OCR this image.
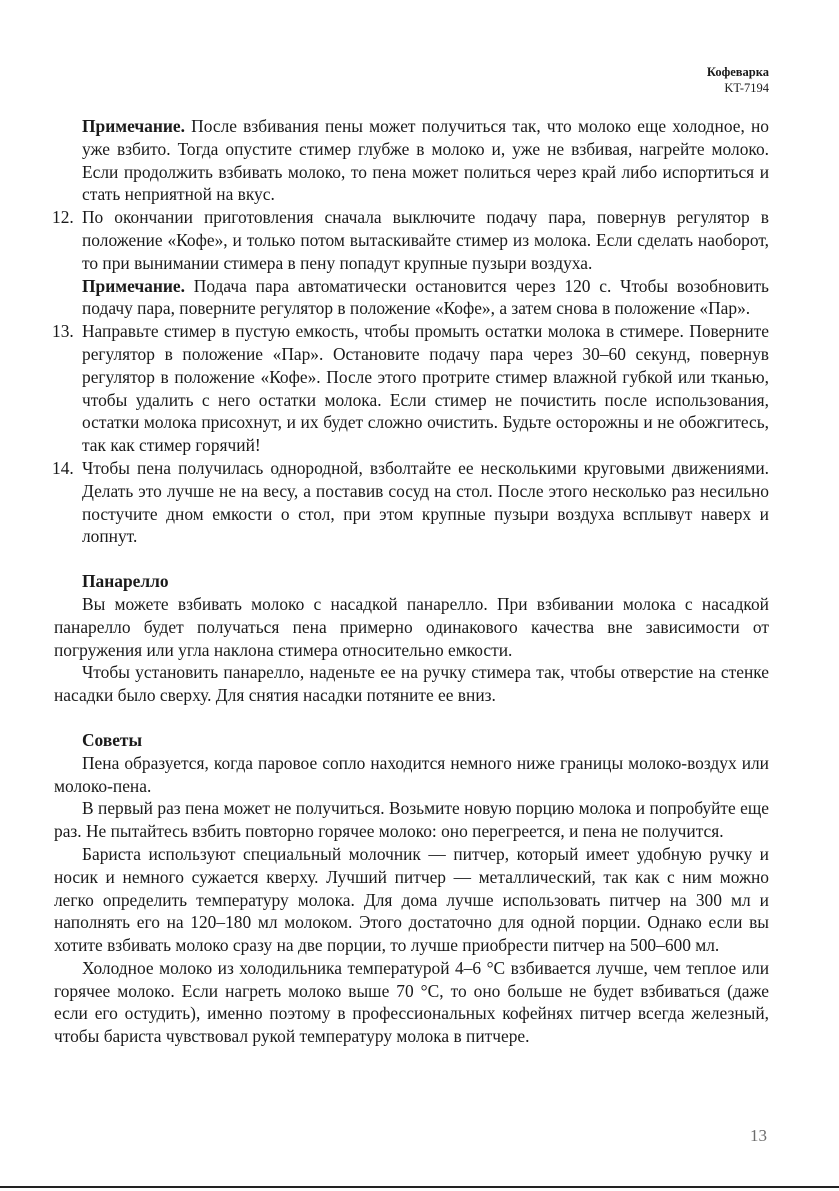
Кофеварка
KT-7194

Примечание. После взбивания пены может получиться так, что молоко еще холодное, но уже взбито. Тогда опустите стимер глубже в молоко и, уже не взбивая, нагрейте молоко. Если продолжить взбивать молоко, то пена может политься через край либо испортиться и стать неприятной на вкус.

12. По окончании приготовления сначала выключите подачу пара, повернув регулятор в положение «Кофе», и только потом вытаскивайте стимер из молока. Если сделать наоборот, то при вынимании стимера в пену попадут крупные пузыри воздуха.

Примечание. Подача пара автоматически остановится через 120 с. Чтобы возобновить подачу пара, поверните регулятор в положение «Кофе», а затем снова в положение «Пар».

13. Направьте стимер в пустую емкость, чтобы промыть остатки молока в стимере. Поверните регулятор в положение «Пар». Остановите подачу пара через 30–60 секунд, повернув регулятор в положение «Кофе». После этого протрите стимер влажной губкой или тканью, чтобы удалить с него остатки молока. Если стимер не почистить после использования, остатки молока присохнут, и их будет сложно очистить. Будьте осторожны и не обожгитесь, так как стимер горячий!

14. Чтобы пена получилась однородной, взболтайте ее несколькими круговыми движениями. Делать это лучше не на весу, а поставив сосуд на стол. После этого несколько раз несильно постучите дном емкости о стол, при этом крупные пузыри воздуха всплывут наверх и лопнут.

Панарелло

Вы можете взбивать молоко с насадкой панарелло. При взбивании молока с насадкой панарелло будет получаться пена примерно одинакового качества вне зависимости от погружения или угла наклона стимера относительно емкости.

Чтобы установить панарелло, наденьте ее на ручку стимера так, чтобы отверстие на стенке насадки было сверху. Для снятия насадки потяните ее вниз.

Советы

Пена образуется, когда паровое сопло находится немного ниже границы молоко-воздух или молоко-пена.

В первый раз пена может не получиться. Возьмите новую порцию молока и попробуйте еще раз. Не пытайтесь взбить повторно горячее молоко: оно перегреется, и пена не получится.

Бариста используют специальный молочник — питчер, который имеет удобную ручку и носик и немного сужается кверху. Лучший питчер — металлический, так как с ним можно легко определить температуру молока. Для дома лучше использовать питчер на 300 мл и наполнять его на 120–180 мл молоком. Этого достаточно для одной порции. Однако если вы хотите взбивать молоко сразу на две порции, то лучше приобрести питчер на 500–600 мл.

Холодное молоко из холодильника температурой 4–6 °C взбивается лучше, чем теплое или горячее молоко. Если нагреть молоко выше 70 °C, то оно больше не будет взбиваться (даже если его остудить), именно поэтому в профессиональных кофейнях питчер всегда железный, чтобы бариста чувствовал рукой температуру молока в питчере.

13
